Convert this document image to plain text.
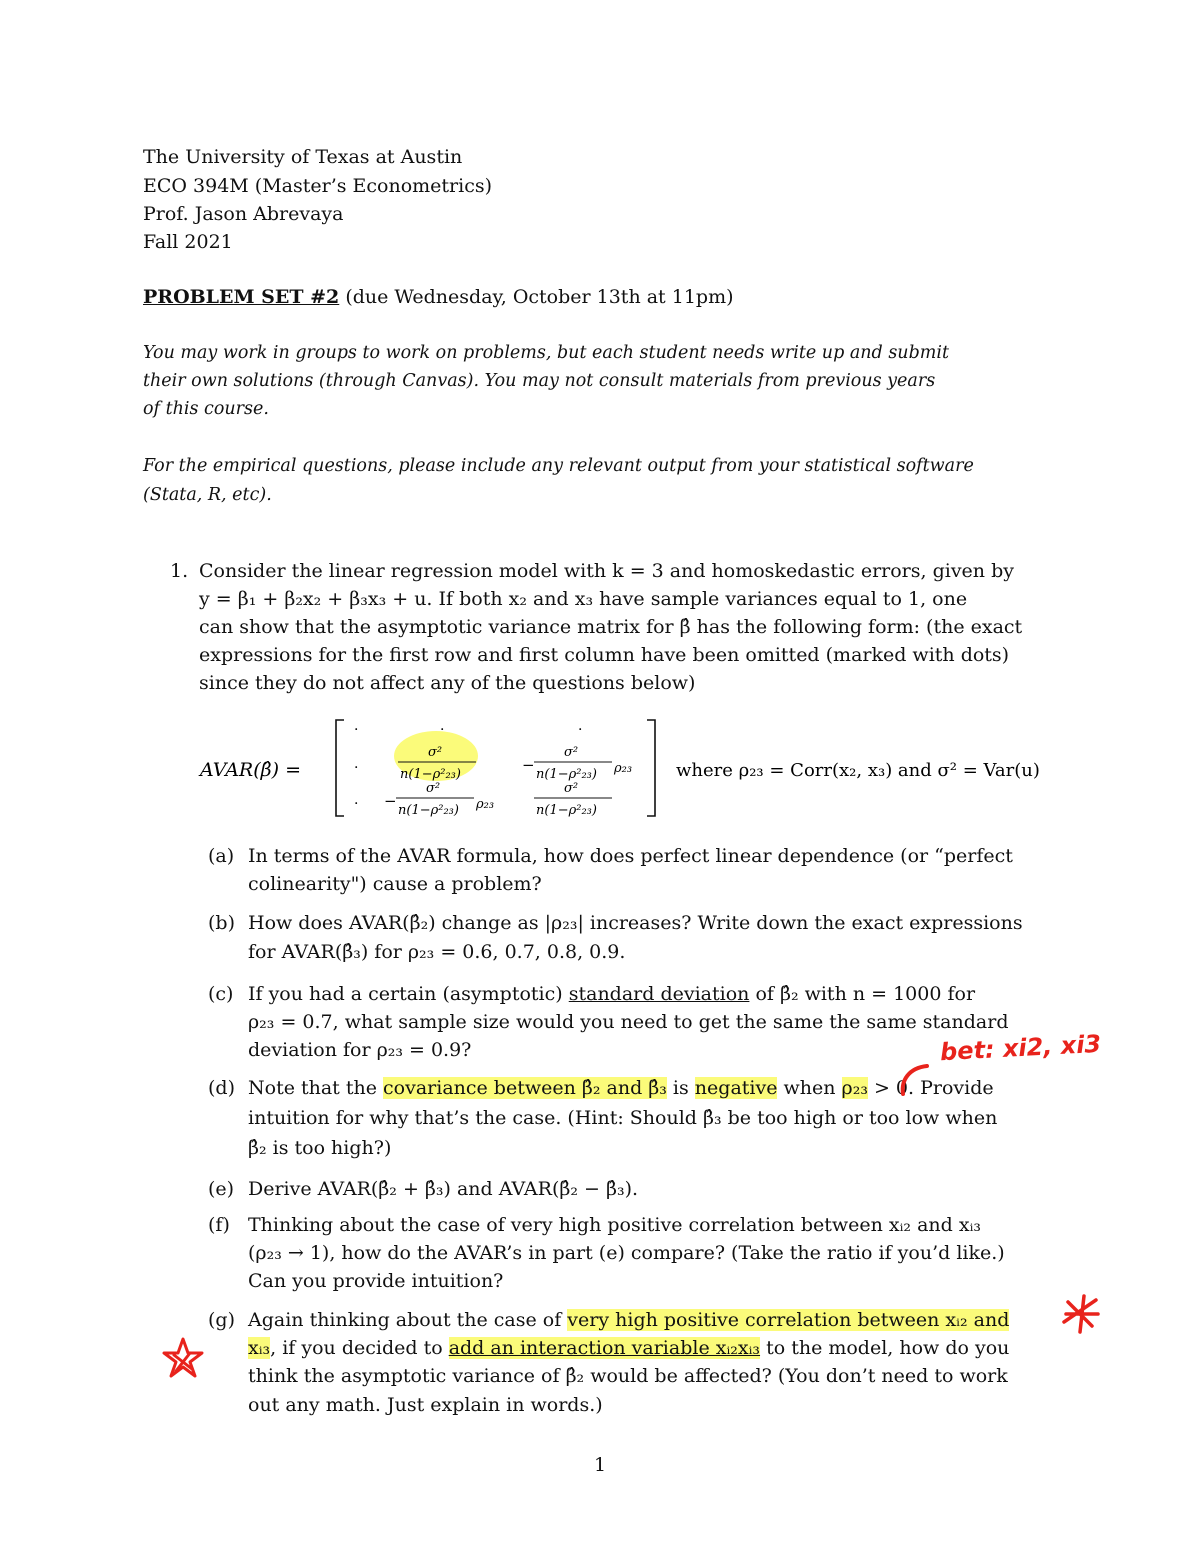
The University of Texas at Austin
ECO 394M (Master’s Econometrics)
Prof. Jason Abrevaya
Fall 2021
PROBLEM SET #2 (due Wednesday, October 13th at 11pm)
You may work in groups to work on problems, but each student needs write up and submit
their own solutions (through Canvas). You may not consult materials from previous years
of this course.
For the empirical questions, please include any relevant output from your statistical software
(Stata, R, etc).
1. Consider the linear regression model with k = 3 and homoskedastic errors, given by
y = β₁ + β₂x₂ + β₃x₃ + u. If both x₂ and x₃ have sample variances equal to 1, one
can show that the asymptotic variance matrix for β̂ has the following form: (the exact
expressions for the first row and first column have been omitted (marked with dots)
since they do not affect any of the questions below)
AVAR(β̂) =
·	·	·
·
σ²
n(1−ρ²₂₃)
−
σ²
n(1−ρ²₂₃) ρ₂₃
· −
σ²
n(1−ρ²₂₃) ρ₂₃
σ²
n(1−ρ²₂₃)
where ρ₂₃ = Corr(x₂, x₃) and σ² = Var(u)
(a) In terms of the AVAR formula, how does perfect linear dependence (or “perfect
colinearity") cause a problem?
(b) How does AVAR(β̂₂) change as |ρ₂₃| increases? Write down the exact expressions
for AVAR(β̂₃) for ρ₂₃ = 0.6, 0.7, 0.8, 0.9.
(c) If you had a certain (asymptotic) standard deviation of β̂₂ with n = 1000 for
ρ₂₃ = 0.7, what sample size would you need to get the same the same standard
deviation for ρ₂₃ = 0.9?
(d) Note that the covariance between β̂₂ and β̂₃ is negative when ρ₂₃ > 0. Provide
intuition for why that’s the case. (Hint: Should β̂₃ be too high or too low when
β̂₂ is too high?)
(e) Derive AVAR(β̂₂ + β̂₃) and AVAR(β̂₂ − β̂₃).
(f) Thinking about the case of very high positive correlation between xᵢ₂ and xᵢ₃
(ρ₂₃ → 1), how do the AVAR’s in part (e) compare? (Take the ratio if you’d like.)
Can you provide intuition?
(g) Again thinking about the case of very high positive correlation between xᵢ₂ and
xᵢ₃, if you decided to add an interaction variable xᵢ₂xᵢ₃ to the model, how do you
think the asymptotic variance of β̂₂ would be affected? (You don’t need to work
out any math. Just explain in words.)
bet: xi2, xi3
1
